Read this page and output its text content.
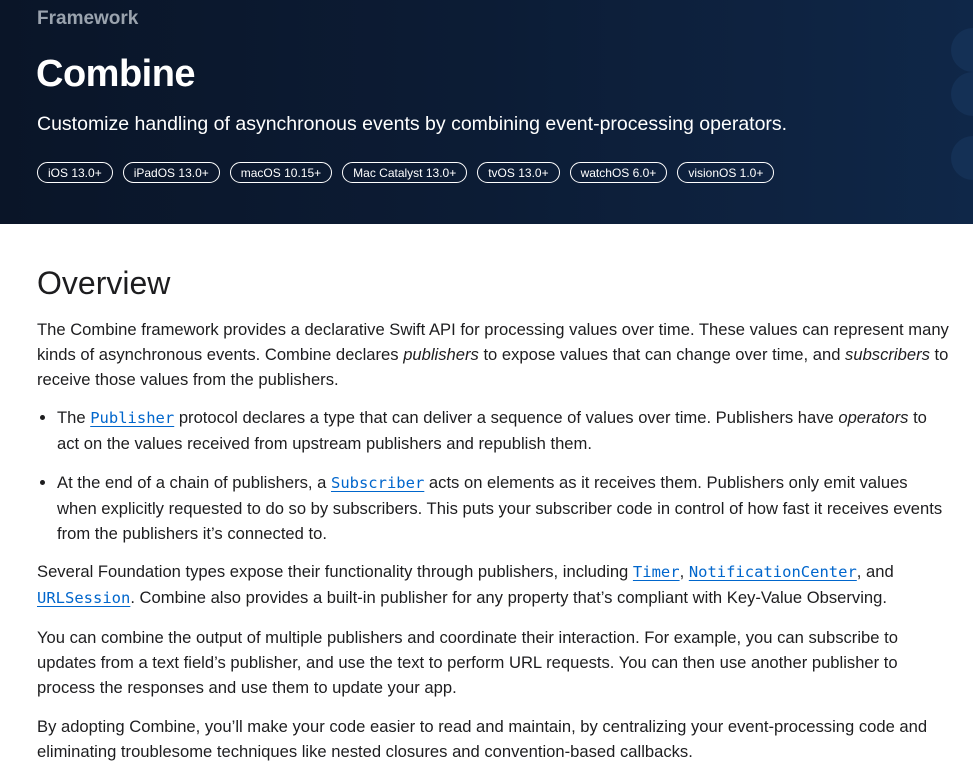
Framework
Combine

Customize handling of asynchronous events by combining event-processing operators.

iOS 13.0+	iPadOS 13.0+	macOS 10.15+	Mac Catalyst 13.0+	tvOS 13.0+	watchOS 6.0+	visionOS 1.0+
Overview

The Combine framework provides a declarative Swift API for processing values over time. These values can represent many kinds of asynchronous events. Combine declares publishers to expose values that can change over time, and subscribers to receive those values from the publishers.

• The Publisher protocol declares a type that can deliver a sequence of values over time. Publishers have operators to act on the values received from upstream publishers and republish them.
• At the end of a chain of publishers, a Subscriber acts on elements as it receives them. Publishers only emit values when explicitly requested to do so by subscribers. This puts your subscriber code in control of how fast it receives events from the publishers it’s connected to.

Several Foundation types expose their functionality through publishers, including Timer, NotificationCenter, and
URLSession. Combine also provides a built-in publisher for any property that’s compliant with Key-Value Observing.

You can combine the output of multiple publishers and coordinate their interaction. For example, you can subscribe to updates from a text field’s publisher, and use the text to perform URL requests. You can then use another publisher to process the responses and use them to update your app.

By adopting Combine, you’ll make your code easier to read and maintain, by centralizing your event-processing code and eliminating troublesome techniques like nested closures and convention-based callbacks.
